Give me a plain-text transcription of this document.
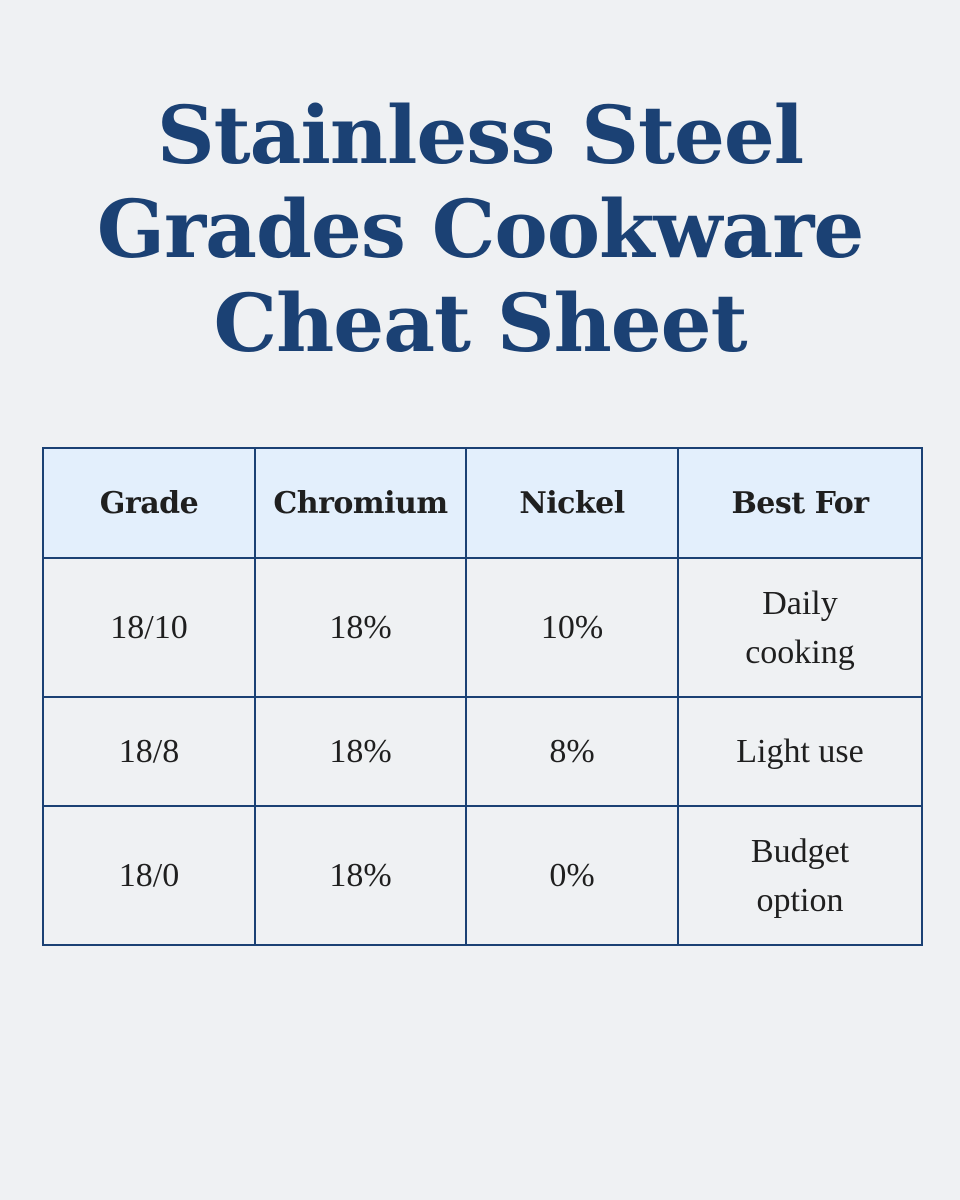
Stainless Steel
Grades Cookware
Cheat Sheet
Grade	Chromium	Nickel	Best For
18/10	18%	10%	Daily cooking
18/8	18%	8%	Light use
18/0	18%	0%	Budget option
